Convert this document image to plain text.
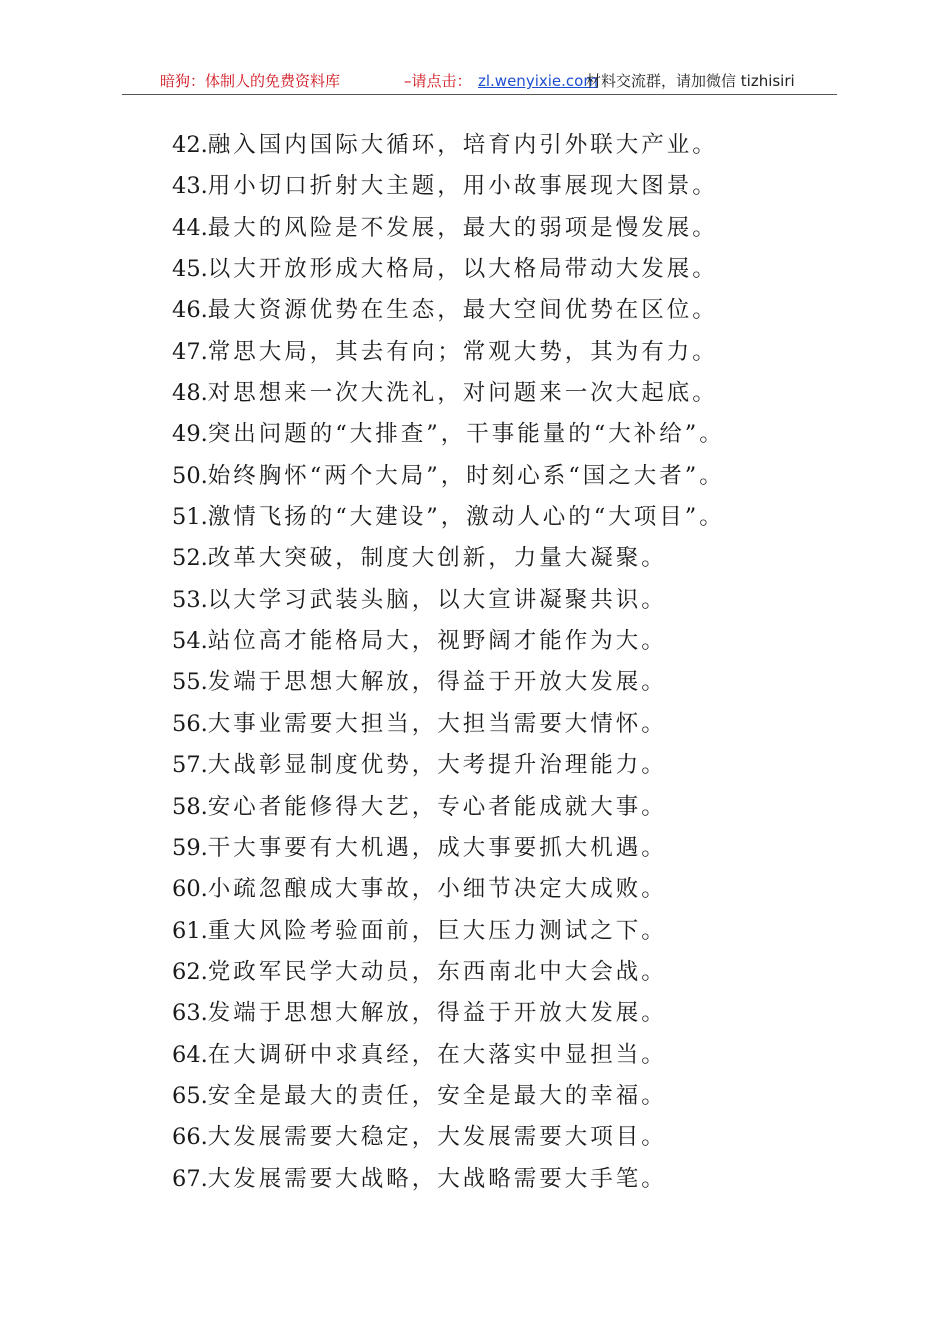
暗狗：体制人的免费资料库	–请点击： zl.wenyixie.com
材料交流群，请加微信 tizhisiri
42.融入国内国际大循环，培育内引外联大产业。
43.用小切口折射大主题，用小故事展现大图景。
44.最大的风险是不发展，最大的弱项是慢发展。
45.以大开放形成大格局，以大格局带动大发展。
46.最大资源优势在生态，最大空间优势在区位。
47.常思大局，其去有向；常观大势，其为有力。
48.对思想来一次大洗礼，对问题来一次大起底。
49.突出问题的“大排查”，干事能量的“大补给”。
50.始终胸怀“两个大局”，时刻心系“国之大者”。
51.激情飞扬的“大建设”，激动人心的“大项目”。
52.改革大突破，制度大创新，力量大凝聚。
53.以大学习武装头脑，以大宣讲凝聚共识。
54.站位高才能格局大，视野阔才能作为大。
55.发端于思想大解放，得益于开放大发展。
56.大事业需要大担当，大担当需要大情怀。
57.大战彰显制度优势，大考提升治理能力。
58.安心者能修得大艺，专心者能成就大事。
59.干大事要有大机遇，成大事要抓大机遇。
60.小疏忽酿成大事故，小细节决定大成败。
61.重大风险考验面前，巨大压力测试之下。
62.党政军民学大动员，东西南北中大会战。
63.发端于思想大解放，得益于开放大发展。
64.在大调研中求真经，在大落实中显担当。
65.安全是最大的责任，安全是最大的幸福。
66.大发展需要大稳定，大发展需要大项目。
67.大发展需要大战略，大战略需要大手笔。
